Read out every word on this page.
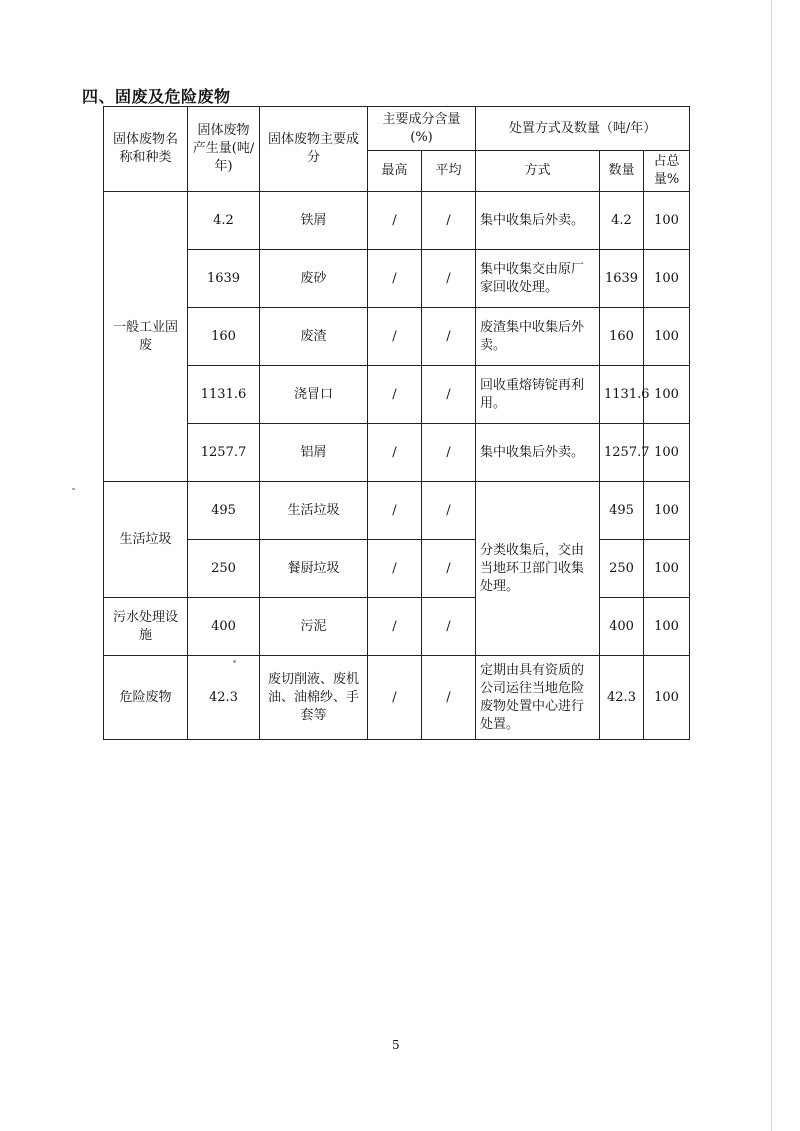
四、固废及危险废物
固体废物名称和种类	固体废物产生量(吨/年)	固体废物主要成分	主要成分含量(%)		处置方式及数量（吨/年）		
			最高	平均	方式	数量	占总量%
一般工业固废	4.2	铁屑	/	/	集中收集后外卖。	4.2	100
	1639	废砂	/	/	集中收集交由原厂家回收处理。	1639	100
	160	废渣	/	/	废渣集中收集后外卖。	160	100
	1131.6	浇冒口	/	/	回收重熔铸锭再利用。	1131.6	100
	1257.7	铝屑	/	/	集中收集后外卖。	1257.7	100
生活垃圾	495	生活垃圾	/	/	分类收集后，交由当地环卫部门收集处理。	495	100
	250	餐厨垃圾	/	/		250	100
污水处理设施	400	污泥	/	/		400	100
危险废物	42.3	废切削液、废机油、油棉纱、手套等	/	/	定期由具有资质的公司运往当地危险废物处置中心进行处置。	42.3	100
5
